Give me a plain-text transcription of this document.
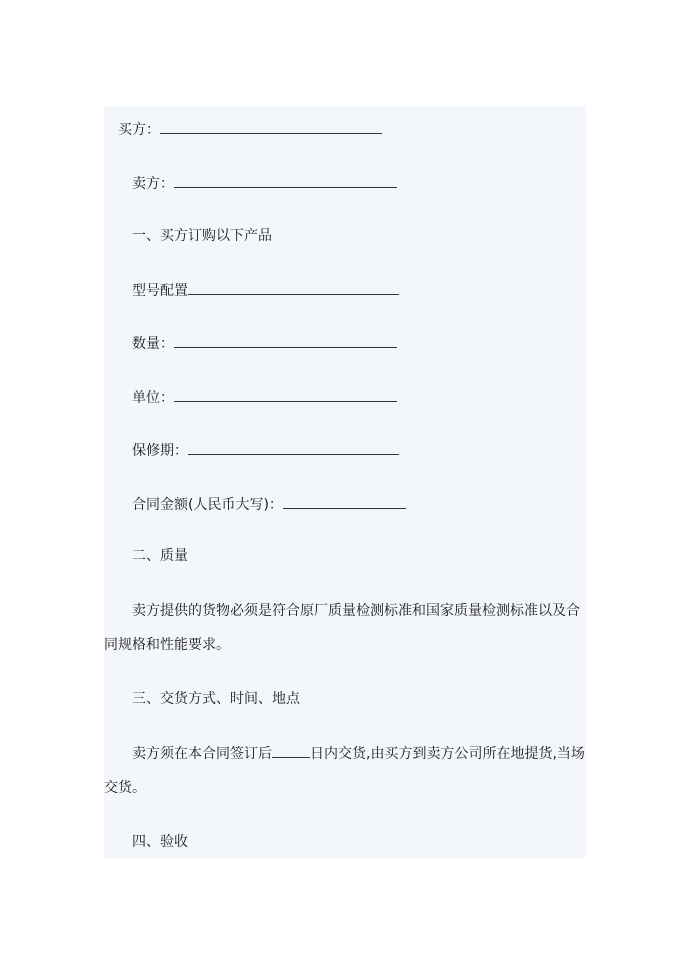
买方：
卖方：
一、买方订购以下产品
型号配置
数量：
单位：
保修期：
合同金额(人民币大写)：
二、质量
卖方提供的货物必须是符合原厂质量检测标准和国家质量检测标准以及合
同规格和性能要求。
三、交货方式、时间、地点
卖方须在本合同签订后	日内交货,由买方到卖方公司所在地提货,当场
交货。
四、验收
